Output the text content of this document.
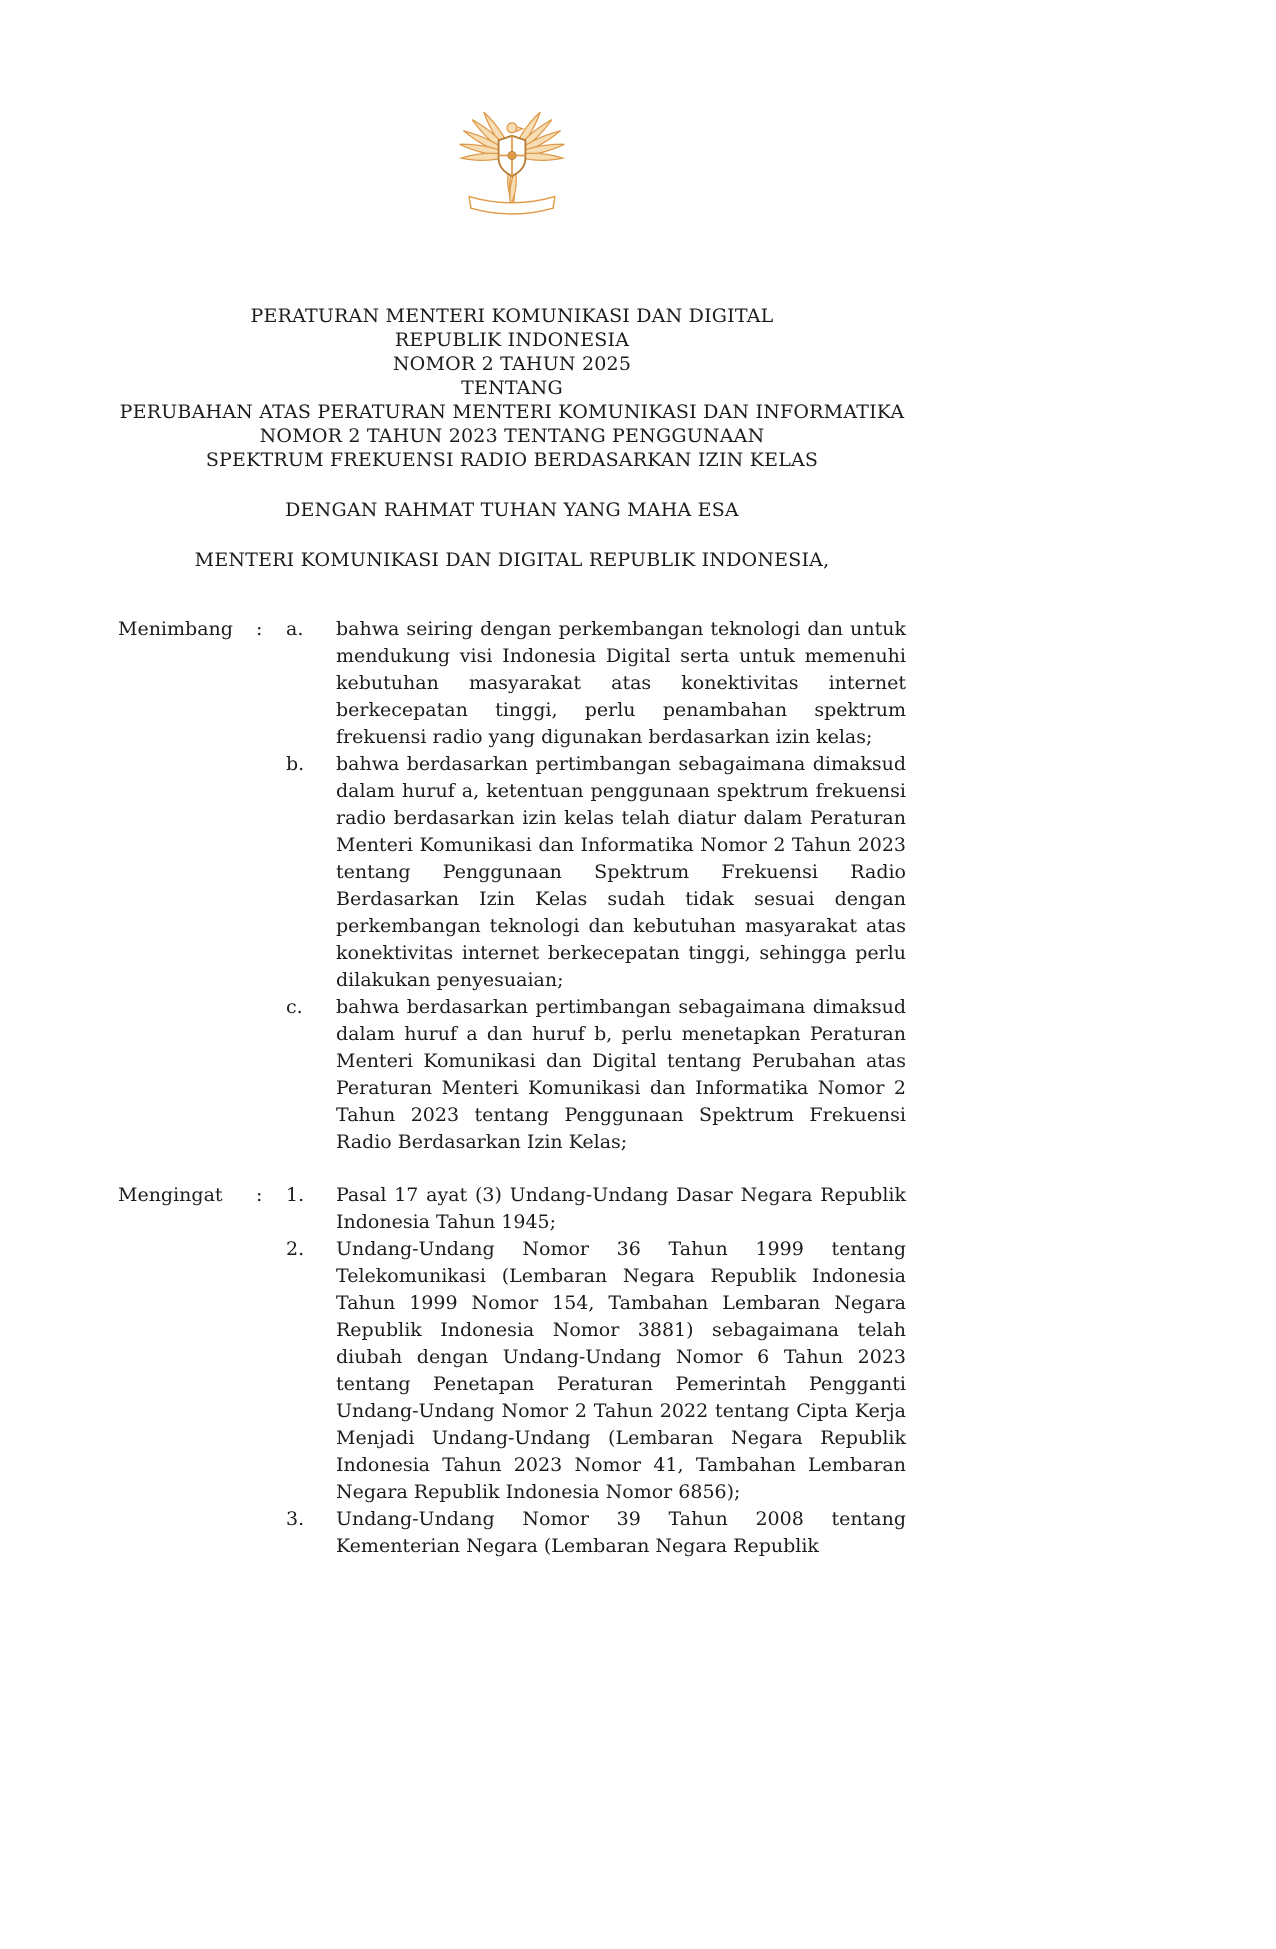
PERATURAN MENTERI KOMUNIKASI DAN DIGITAL
REPUBLIK INDONESIA
NOMOR 2 TAHUN 2025
TENTANG
PERUBAHAN ATAS PERATURAN MENTERI KOMUNIKASI DAN INFORMATIKA
NOMOR 2 TAHUN 2023 TENTANG PENGGUNAAN
SPEKTRUM FREKUENSI RADIO BERDASARKAN IZIN KELAS
DENGAN RAHMAT TUHAN YANG MAHA ESA
MENTERI KOMUNIKASI DAN DIGITAL REPUBLIK INDONESIA,
Menimbang	:	a.	bahwa seiring dengan perkembangan teknologi dan untuk mendukung visi Indonesia Digital serta untuk memenuhi kebutuhan masyarakat atas konektivitas internet berkecepatan tinggi, perlu penambahan spektrum frekuensi radio yang digunakan berdasarkan izin kelas;
b.	bahwa berdasarkan pertimbangan sebagaimana dimaksud dalam huruf a, ketentuan penggunaan spektrum frekuensi radio berdasarkan izin kelas telah diatur dalam Peraturan Menteri Komunikasi dan Informatika Nomor 2 Tahun 2023 tentang Penggunaan Spektrum Frekuensi Radio Berdasarkan Izin Kelas sudah tidak sesuai dengan perkembangan teknologi dan kebutuhan masyarakat atas konektivitas internet berkecepatan tinggi, sehingga perlu dilakukan penyesuaian;
c.	bahwa berdasarkan pertimbangan sebagaimana dimaksud dalam huruf a dan huruf b, perlu menetapkan Peraturan Menteri Komunikasi dan Digital tentang Perubahan atas Peraturan Menteri Komunikasi dan Informatika Nomor 2 Tahun 2023 tentang Penggunaan Spektrum Frekuensi Radio Berdasarkan Izin Kelas;
Mengingat	:	1.	Pasal 17 ayat (3) Undang-Undang Dasar Negara Republik Indonesia Tahun 1945;
2.	Undang-Undang Nomor 36 Tahun 1999 tentang Telekomunikasi (Lembaran Negara Republik Indonesia Tahun 1999 Nomor 154, Tambahan Lembaran Negara Republik Indonesia Nomor 3881) sebagaimana telah diubah dengan Undang-Undang Nomor 6 Tahun 2023 tentang Penetapan Peraturan Pemerintah Pengganti Undang-Undang Nomor 2 Tahun 2022 tentang Cipta Kerja Menjadi Undang-Undang (Lembaran Negara Republik Indonesia Tahun 2023 Nomor 41, Tambahan Lembaran Negara Republik Indonesia Nomor 6856);
3.	Undang-Undang Nomor 39 Tahun 2008 tentang Kementerian Negara (Lembaran Negara Republik
